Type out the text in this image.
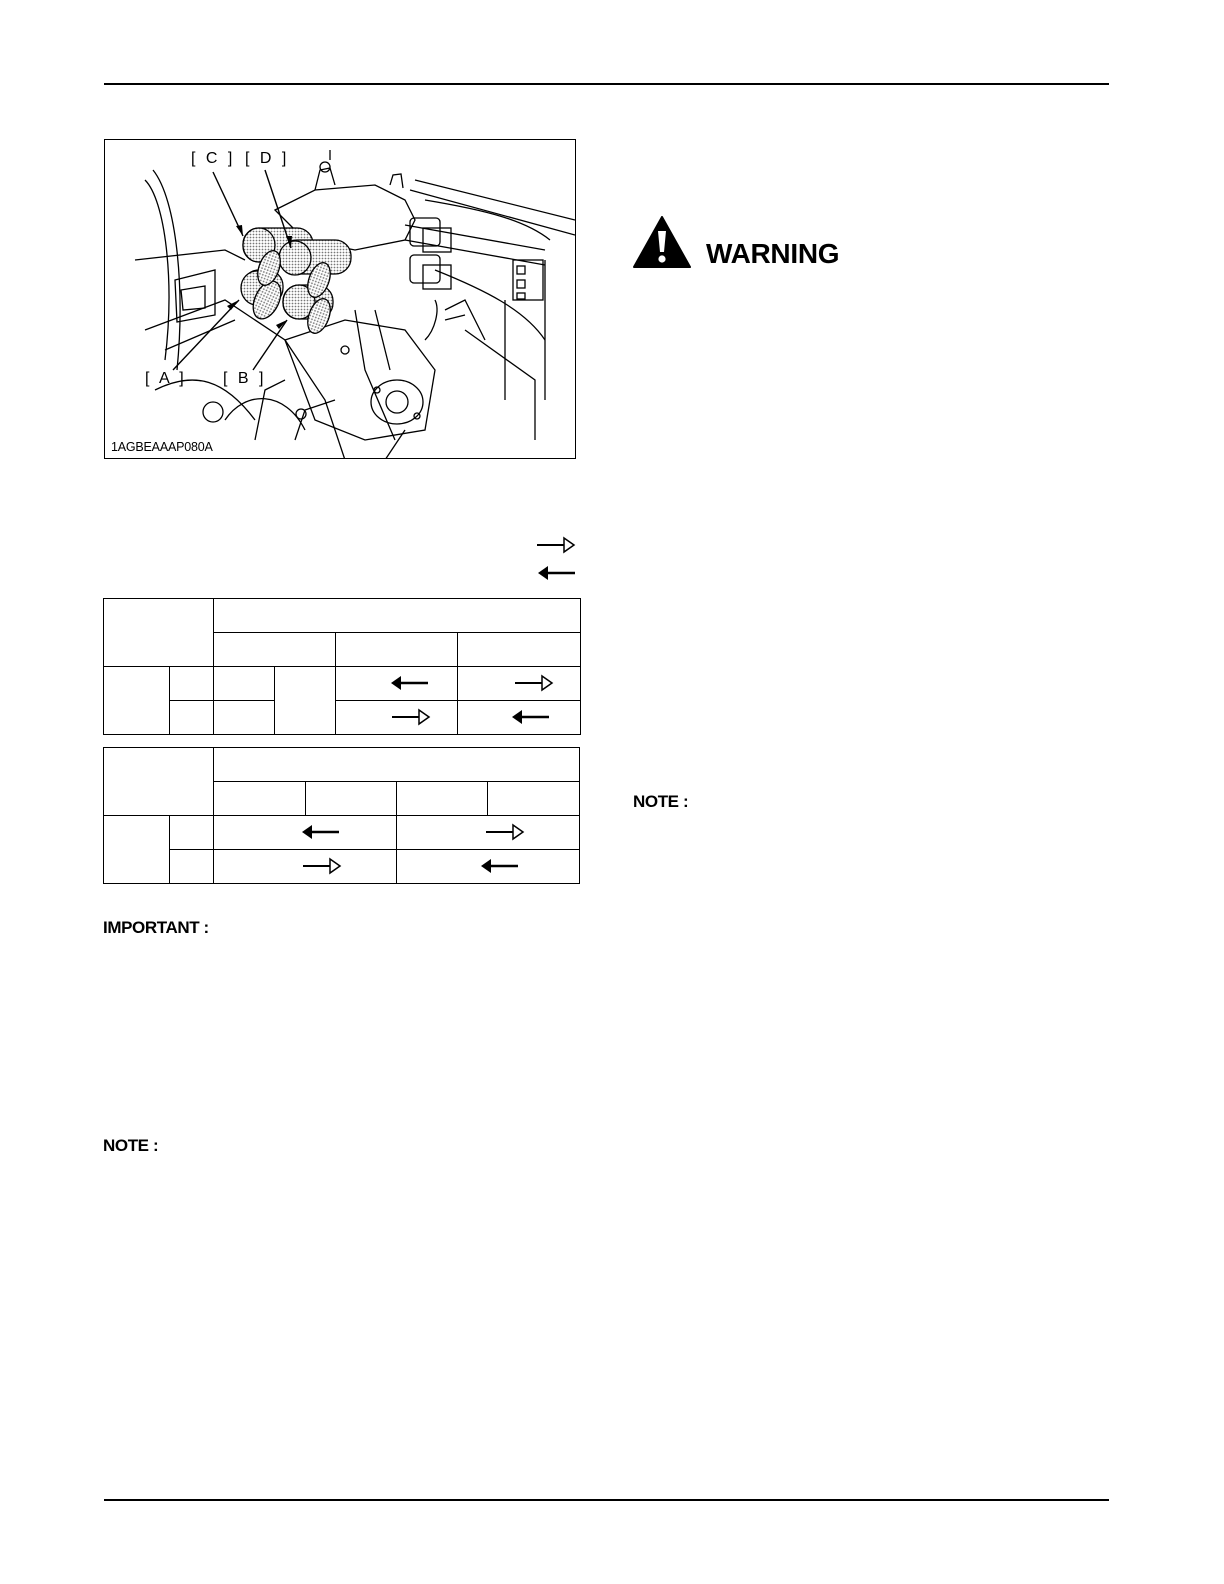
[ C ] [ D ]
[ A ] [ B ]
1AGBEAAAP080A

IMPORTANT :
NOTE :
WARNING
NOTE :
